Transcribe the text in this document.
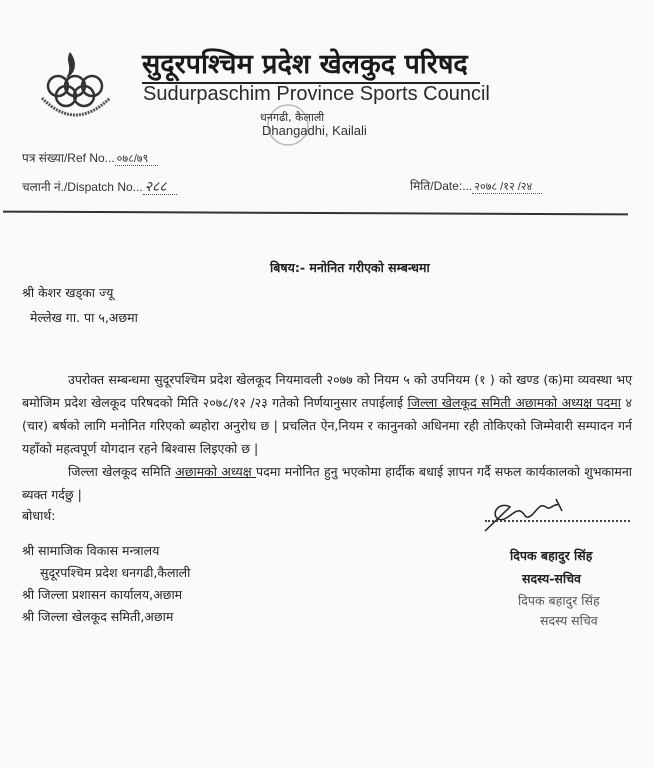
सुदूरपश्चिम प्रदेश खेलकुद परिषद
Sudurpaschim Province Sports Council
धनगढी, कैलाली
Dhangadhi, Kailali
पत्र संख्या/Ref No... ०७८/७९
चलानी नं./Dispatch No... २८८	मिति/Date:... २०७८ /१२ /२४
बिषय:- मनोनित गरीएको सम्बन्धमा
श्री केशर खड्का ज्यू
मेल्लेख गा. पा ५,अछमा
उपरोक्त सम्बन्धमा सुदूरपश्चिम प्रदेश खेलकूद नियमावली २०७७ को नियम ५ को उपनियम (१ ) को खण्ड (क)मा व्यवस्था भए बमोजिम प्रदेश खेलकूद परिषदको मिति २०७८/१२ /२३ गतेको निर्णयानुसार तपाईलाई जिल्ला खेलकूद समिती अछामको अध्यक्ष पदमा ४ (चार) बर्षको लागि मनोनित गरिएको ब्यहोरा अनुरोध छ | प्रचलित ऐन,नियम र कानुनको अधिनमा रही तोकिएको जिम्मेवारी सम्पादन गर्न यहाँको महत्वपूर्ण योगदान रहने बिश्वास लिइएको छ |
जिल्ला खेलकूद समिति अछामको अध्यक्ष पदमा मनोनित हुनु भएकोमा हार्दीक बधाई ज्ञापन गर्दै सफल कार्यकालको शुभकामना ब्यक्त गर्दछु |
बोधार्थ:
श्री सामाजिक विकास मन्त्रालय
सुदूरपश्चिम प्रदेश धनगढी,कैलाली
श्री जिल्ला प्रशासन कार्यालय,अछाम
श्री जिल्ला खेलकूद समिती,अछाम
दिपक बहादुर सिंह
सदस्य-सचिव
दिपक बहादुर सिंह
सदस्य सचिव
